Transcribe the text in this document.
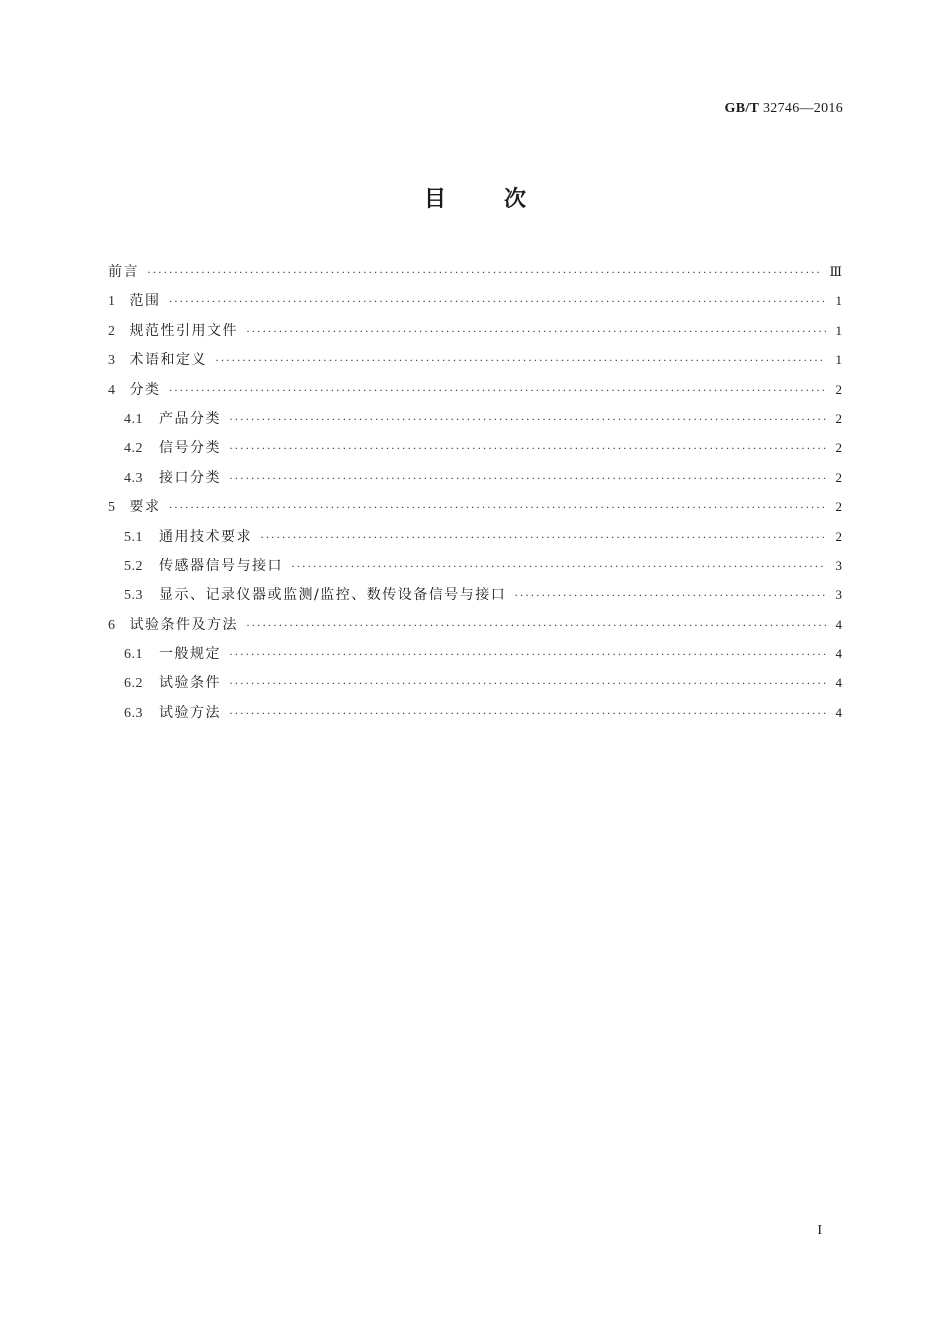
GB/T 32746—2016
目	次
前言 ·····	Ⅲ
1 范围 ·····	1
2 规范性引用文件 ·····	1
3 术语和定义 ·····	1
4 分类 ·····	2
4.1 产品分类 ·····	2
4.2 信号分类 ·····	2
4.3 接口分类 ·····	2
5 要求 ·····	2
5.1 通用技术要求 ·····	2
5.2 传感器信号与接口 ·····	3
5.3 显示、记录仪器或监测/监控、数传设备信号与接口 ·····	3
6 试验条件及方法 ·····	4
6.1 一般规定 ·····	4
6.2 试验条件 ·····	4
6.3 试验方法 ·····	4
I
